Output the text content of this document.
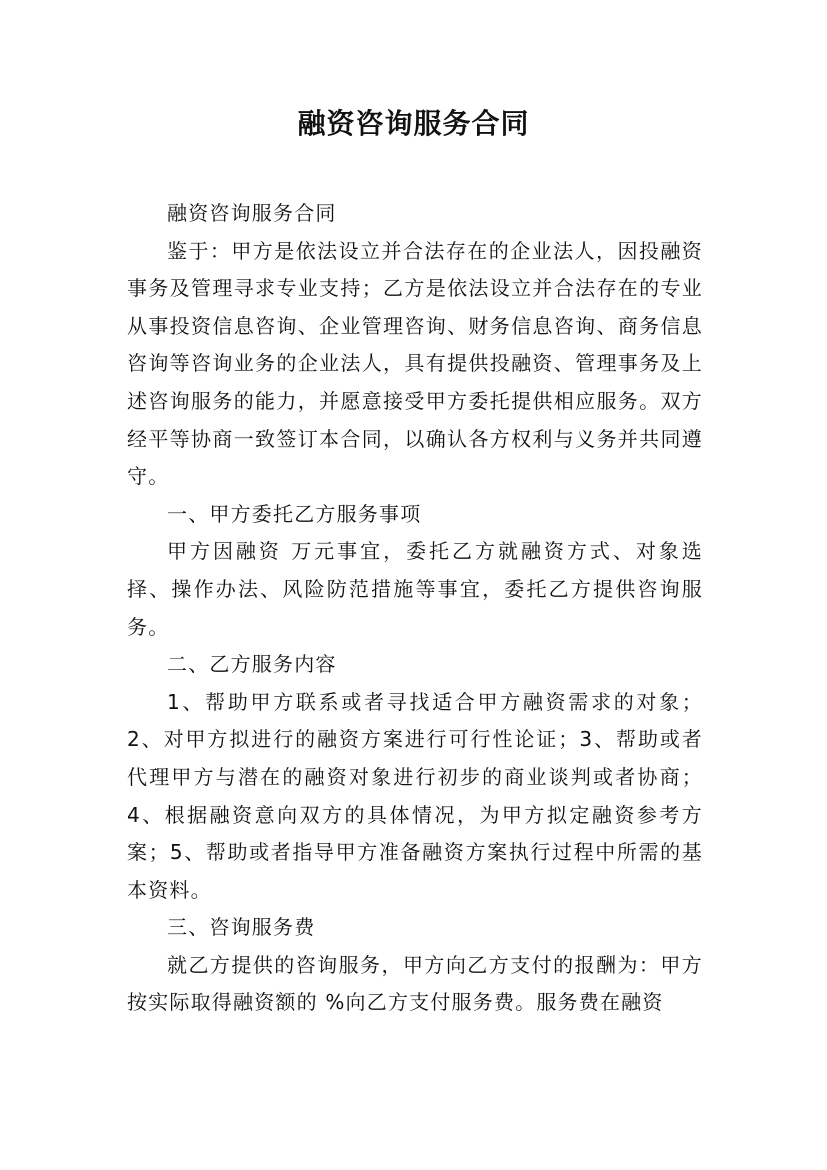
融资咨询服务合同

融资咨询服务合同

鉴于：甲方是依法设立并合法存在的企业法人，因投融资事务及管理寻求专业支持；乙方是依法设立并合法存在的专业从事投资信息咨询、企业管理咨询、财务信息咨询、商务信息咨询等咨询业务的企业法人，具有提供投融资、管理事务及上述咨询服务的能力，并愿意接受甲方委托提供相应服务。双方经平等协商一致签订本合同，以确认各方权利与义务并共同遵守。

一、甲方委托乙方服务事项

甲方因融资 万元事宜，委托乙方就融资方式、对象选择、操作办法、风险防范措施等事宜，委托乙方提供咨询服务。

二、乙方服务内容

1、帮助甲方联系或者寻找适合甲方融资需求的对象；2、对甲方拟进行的融资方案进行可行性论证；3、帮助或者代理甲方与潜在的融资对象进行初步的商业谈判或者协商；4、根据融资意向双方的具体情况，为甲方拟定融资参考方案；5、帮助或者指导甲方准备融资方案执行过程中所需的基本资料。

三、咨询服务费

就乙方提供的咨询服务，甲方向乙方支付的报酬为：甲方按实际取得融资额的 %向乙方支付服务费。服务费在融资
